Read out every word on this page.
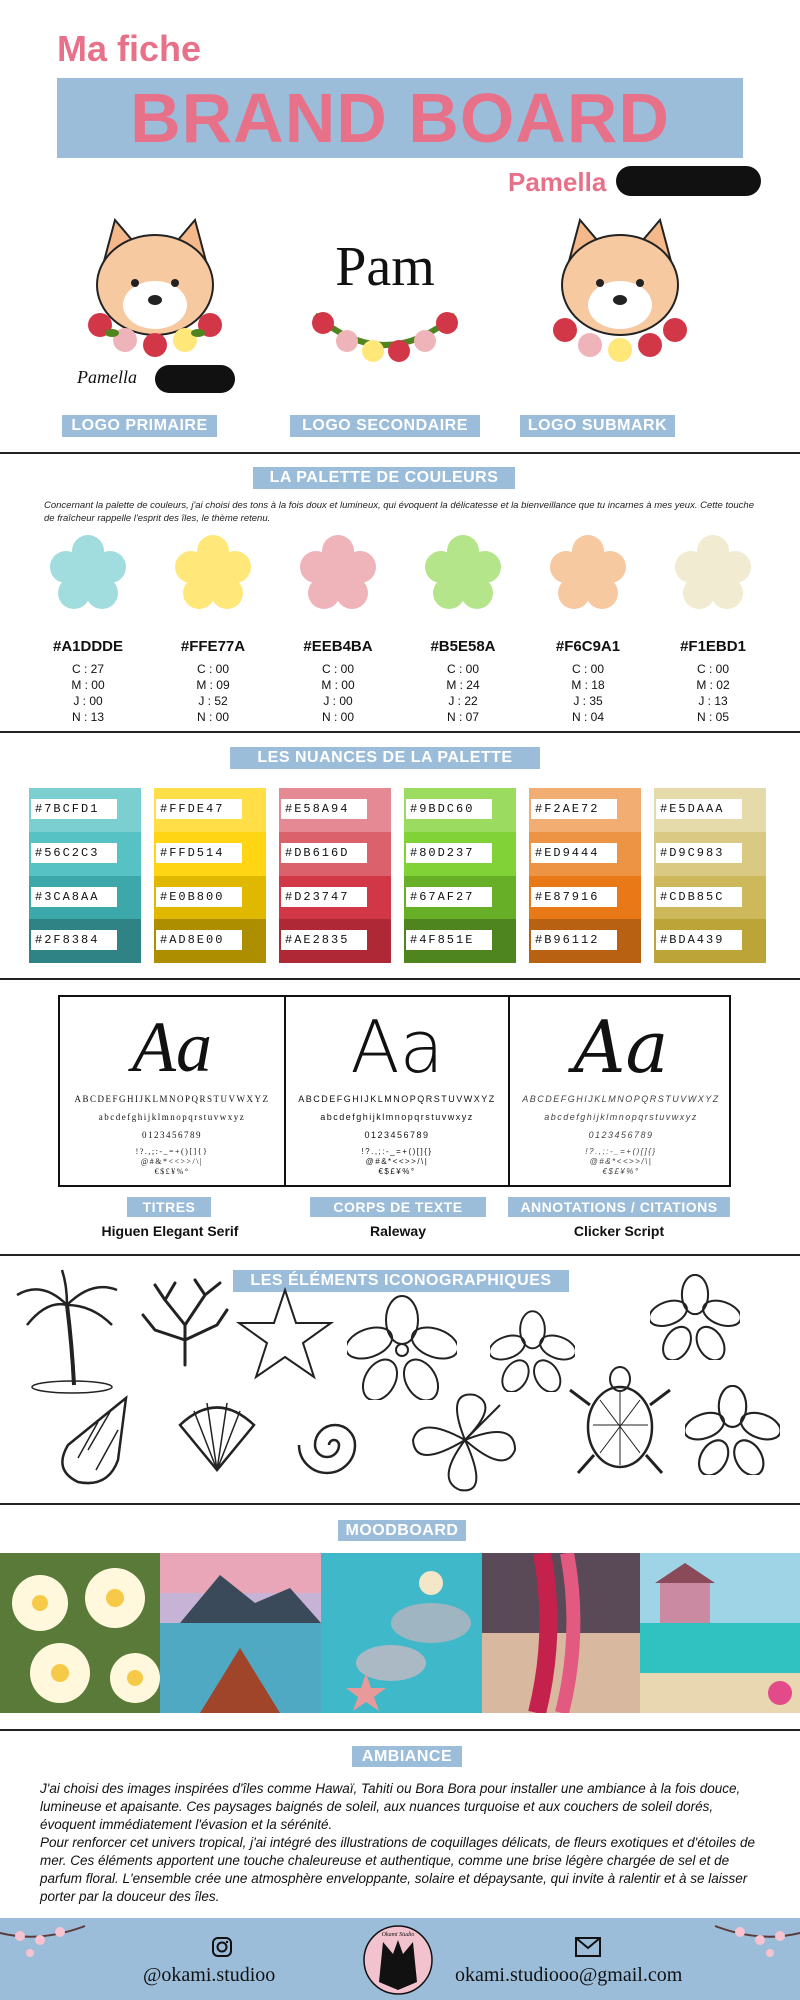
Ma fiche
BRAND BOARD
Pamella
Pamella
Pam
LOGO PRIMAIRE	LOGO SECONDAIRE	LOGO SUBMARK
LA PALETTE DE COULEURS
Concernant la palette de couleurs, j'ai choisi des tons à la fois doux et lumineux, qui évoquent la délicatesse et la bienveillance que tu incarnes à mes yeux. Cette touche de fraîcheur rappelle l'esprit des îles, le thème retenu.
#A1DDDE
C : 27
M : 00
J : 00
N : 13
#FFE77A
C : 00
M : 09
J : 52
N : 00
#EEB4BA
C : 00
M : 00
J : 00
N : 00
#B5E58A
C : 00
M : 24
J : 22
N : 07
#F6C9A1
C : 00
M : 18
J : 35
N : 04
#F1EBD1
C : 00
M : 02
J : 13
N : 05
LES NUANCES DE LA PALETTE
#7BCFD1
#56C2C3
#3CA8AA
#2F8384
#FFDE47
#FFD514
#E0B800
#AD8E00
#E58A94
#DB616D
#D23747
#AE2835
#9BDC60
#80D237
#67AF27
#4F851E
#F2AE72
#ED9444
#E87916
#B96112
#E5DAAA
#D9C983
#CDB85C
#BDA439
Aa
ABCDEFGHIJKLMNOPQRSTUVWXYZ
abcdefghijklmnopqrstuvwxyz
0123456789
!?.,;:-_=+()[]{}
@#&*<<>>/\|
€$£¥%°
Aa
ABCDEFGHIJKLMNOPQRSTUVWXYZ
abcdefghijklmnopqrstuvwxyz
0123456789
!?.,;:-_=+()[]{}
@#&*<<>>/\|
€$£¥%°
Aa
ABCDEFGHIJKLMNOPQRSTUVWXYZ
abcdefghijklmnopqrstuvwxyz
0123456789
!?.,;:-_=+()[]{}
@#&*<<>>/\|
€$£¥%°
TITRES	CORPS DE TEXTE	ANNOTATIONS / CITATIONS
Higuen Elegant Serif	Raleway	Clicker Script
LES ÉLÉMENTS ICONOGRAPHIQUES
MOODBOARD
AMBIANCE

J'ai choisi des images inspirées d'îles comme Hawaï, Tahiti ou Bora Bora pour installer une ambiance à la fois douce, lumineuse et apaisante. Ces paysages baignés de soleil, aux nuances turquoise et aux couchers de soleil dorés, évoquent immédiatement l'évasion et la sérénité.

Pour renforcer cet univers tropical, j'ai intégré des illustrations de coquillages délicats, de fleurs exotiques et d'étoiles de mer. Ces éléments apportent une touche chaleureuse et authentique, comme une brise légère chargée de sel et de parfum floral. L'ensemble crée une atmosphère enveloppante, solaire et dépaysante, qui invite à ralentir et à se laisser porter par la douceur des îles.

@okami.studioo
Okami Studio
okami.studiooo@gmail.com
